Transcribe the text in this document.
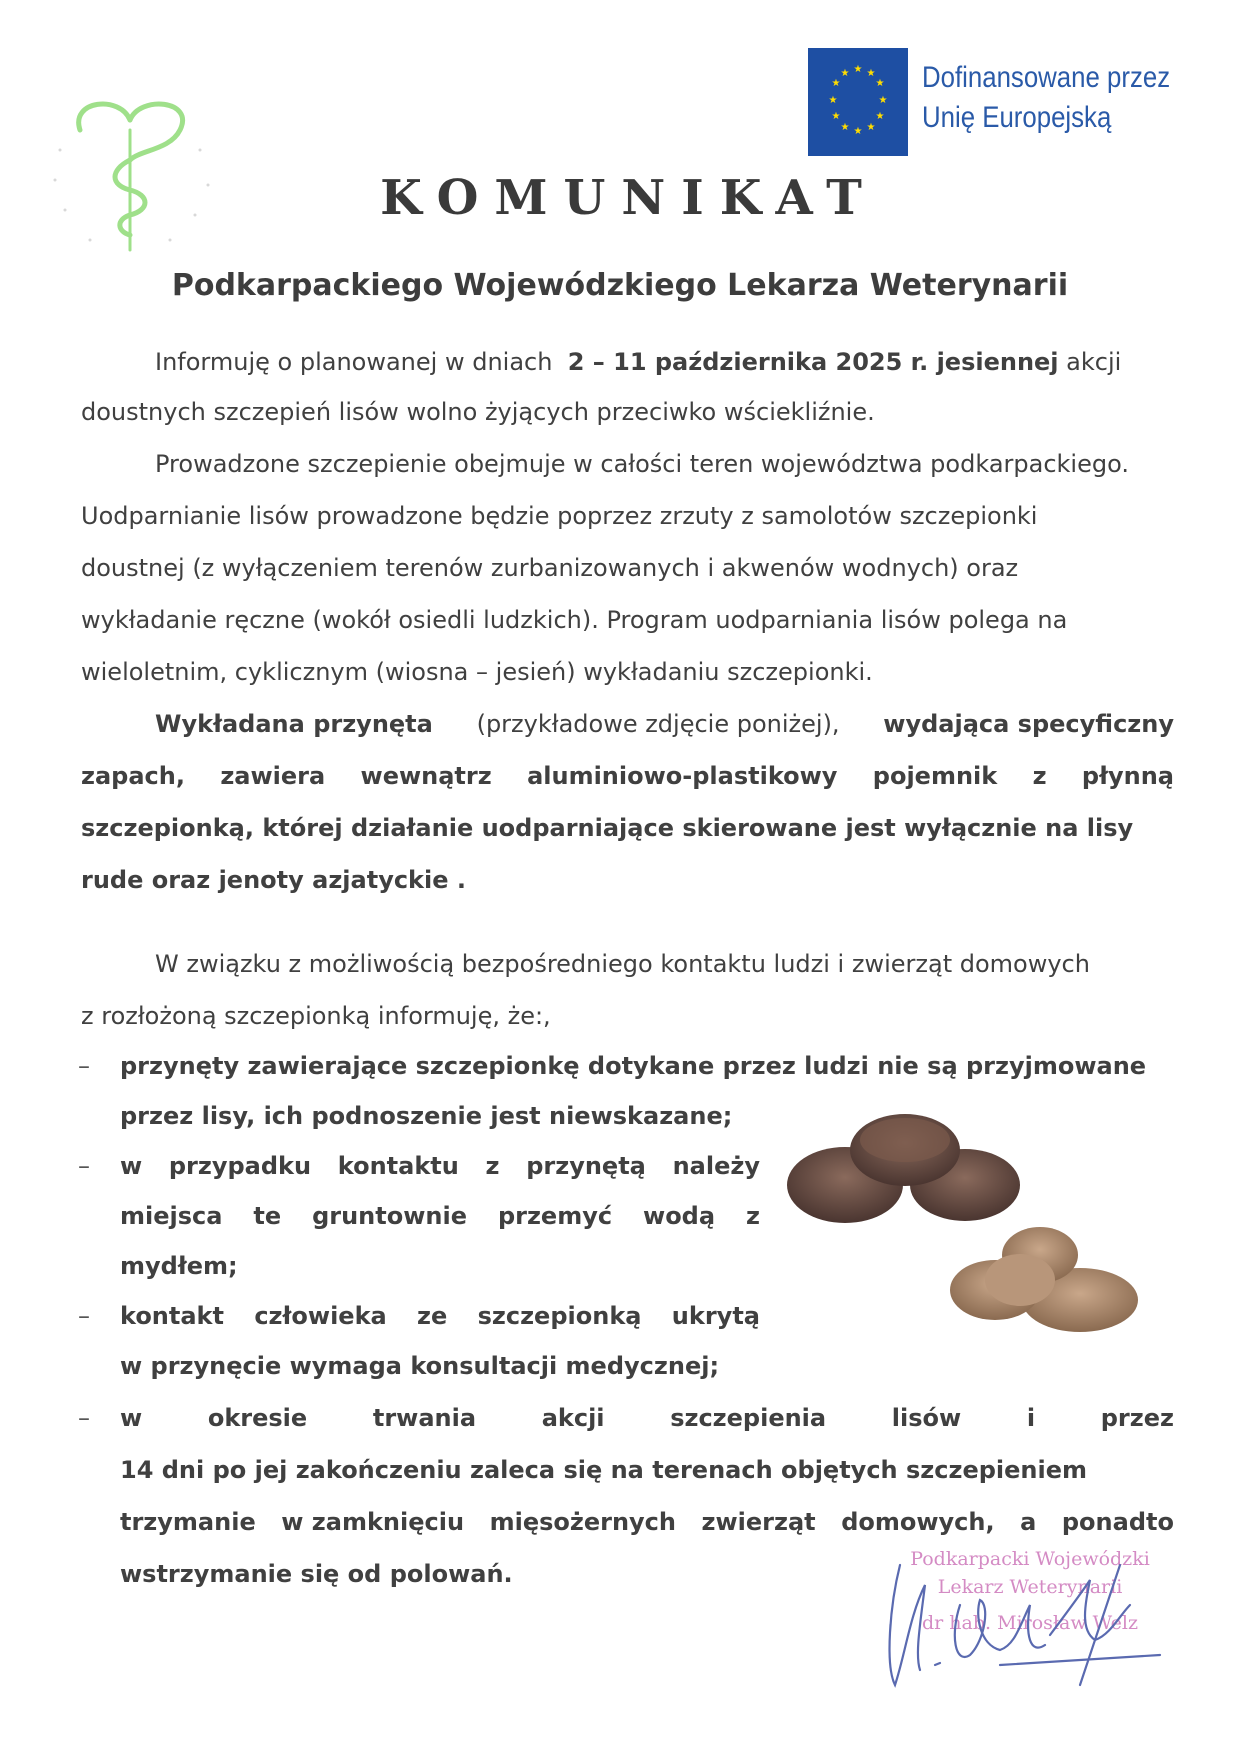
★ ★
★
★
★
★
★
★
★
★
★
★ Dofinansowane przez
Unię Europejską
KOMUNIKAT
Podkarpackiego Wojewódzkiego Lekarza Weterynarii
Informuję o planowanej w dniach 2 – 11 października 2025 r. jesiennej akcji
doustnych szczepień lisów wolno żyjących przeciwko wściekliźnie.
Prowadzone szczepienie obejmuje w całości teren województwa podkarpackiego.
Uodparnianie lisów prowadzone będzie poprzez zrzuty z samolotów szczepionki
doustnej (z wyłączeniem terenów zurbanizowanych i akwenów wodnych) oraz
wykładanie ręczne (wokół osiedli ludzkich). Program uodparniania lisów polega na
wieloletnim, cyklicznym (wiosna – jesień) wykładaniu szczepionki.
Wykładana przynęta (przykładowe zdjęcie poniżej), wydająca specyficzny
zapach, zawiera wewnątrz aluminiowo-plastikowy pojemnik z płynną
szczepionką, której działanie uodparniające skierowane jest wyłącznie na lisy
rude oraz jenoty azjatyckie .
W związku z możliwością bezpośredniego kontaktu ludzi i zwierząt domowych
z rozłożoną szczepionką informuję, że:,
– przynęty zawierające szczepionkę dotykane przez ludzi nie są przyjmowane
przez lisy, ich podnoszenie jest niewskazane;
– w przypadku kontaktu z przynętą należy
miejsca te gruntownie przemyć wodą z
mydłem;
– kontakt człowieka ze szczepionką ukrytą
w przynęcie wymaga konsultacji medycznej;
– w	okresie	trwania	akcji	szczepienia	lisów	i	przez
14 dni po jej zakończeniu zaleca się na terenach objętych szczepieniem
trzymanie w zamknięciu mięsożernych zwierząt domowych, a ponadto
wstrzymanie się od polowań.
Podkarpacki Wojewódzki
Lekarz Weterynarii
dr hab. Mirosław Welz
